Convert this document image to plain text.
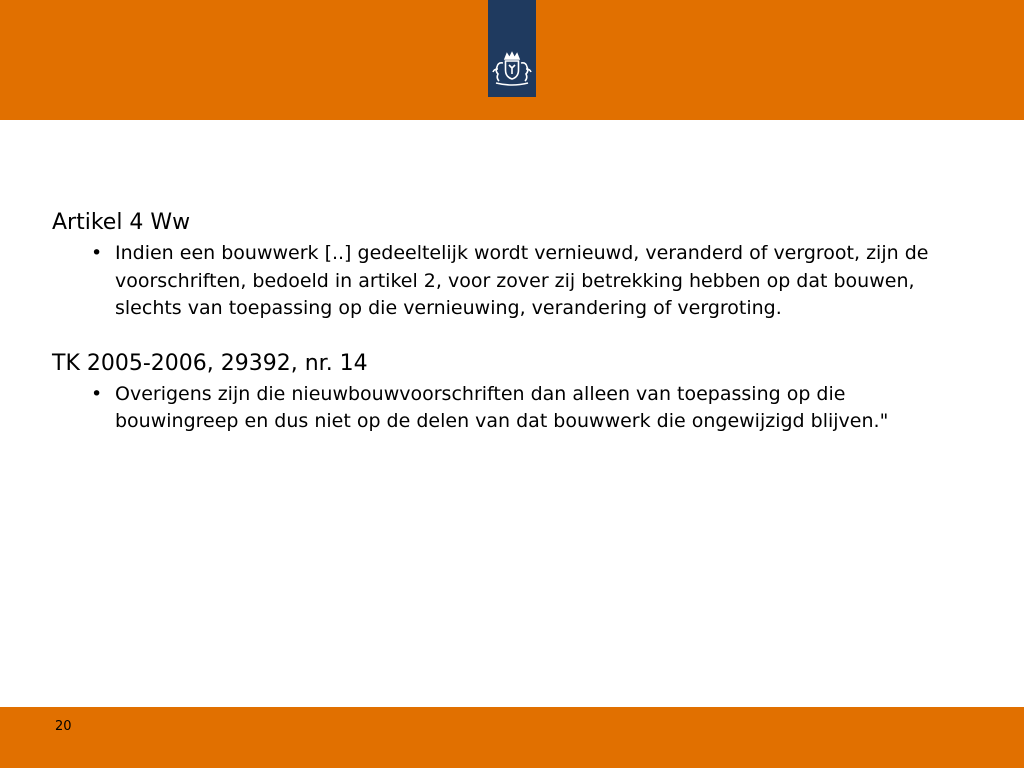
Artikel 4 Ww

• Indien een bouwwerk [..] gedeeltelijk wordt vernieuwd, veranderd of vergroot, zijn de voorschriften, bedoeld in artikel 2, voor zover zij betrekking hebben op dat bouwen, slechts van toepassing op die vernieuwing, verandering of vergroting.

TK 2005-2006, 29392, nr. 14

• Overigens zijn die nieuwbouwvoorschriften dan alleen van toepassing op die bouwingreep en dus niet op de delen van dat bouwwerk die ongewijzigd blijven."
20
